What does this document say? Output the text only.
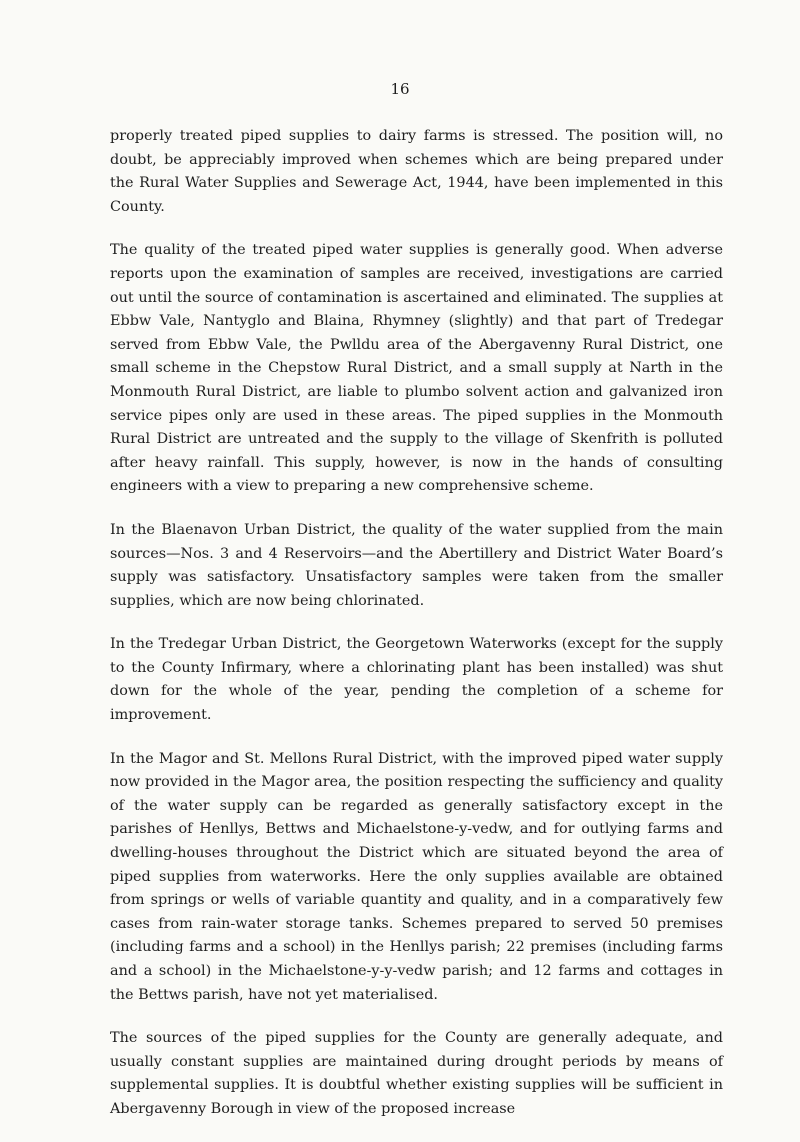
16

properly treated piped supplies to dairy farms is stressed. The position will, no doubt, be appreciably improved when schemes which are being prepared under the Rural Water Supplies and Sewerage Act, 1944, have been implemented in this County.

The quality of the treated piped water supplies is generally good. When adverse reports upon the examination of samples are received, investigations are carried out until the source of contamination is ascertained and eliminated. The supplies at Ebbw Vale, Nantyglo and Blaina, Rhymney (slightly) and that part of Tredegar served from Ebbw Vale, the Pwlldu area of the Abergavenny Rural District, one small scheme in the Chepstow Rural District, and a small supply at Narth in the Monmouth Rural District, are liable to plumbo solvent action and galvanized iron service pipes only are used in these areas. The piped supplies in the Monmouth Rural District are untreated and the supply to the village of Skenfrith is polluted after heavy rainfall. This supply, however, is now in the hands of consulting engineers with a view to preparing a new comprehensive scheme.

In the Blaenavon Urban District, the quality of the water supplied from the main sources—Nos. 3 and 4 Reservoirs—and the Abertillery and District Water Board’s supply was satisfactory. Unsatisfactory samples were taken from the smaller supplies, which are now being chlorinated.

In the Tredegar Urban District, the Georgetown Waterworks (except for the supply to the County Infirmary, where a chlorinating plant has been installed) was shut down for the whole of the year, pending the completion of a scheme for improvement.

In the Magor and St. Mellons Rural District, with the improved piped water supply now provided in the Magor area, the position respecting the sufficiency and quality of the water supply can be regarded as generally satisfactory except in the parishes of Henllys, Bettws and Michaelstone-y-vedw, and for outlying farms and dwelling-houses throughout the District which are situated beyond the area of piped supplies from waterworks. Here the only supplies available are obtained from springs or wells of variable quantity and quality, and in a comparatively few cases from rain-water storage tanks. Schemes prepared to served 50 premises (including farms and a school) in the Henllys parish; 22 premises (including farms and a school) in the Michaelstone-y-y-vedw parish; and 12 farms and cottages in the Bettws parish, have not yet materialised.

The sources of the piped supplies for the County are generally adequate, and usually constant supplies are maintained during drought periods by means of supplemental supplies. It is doubtful whether existing supplies will be sufficient in Abergavenny Borough in view of the proposed increase
